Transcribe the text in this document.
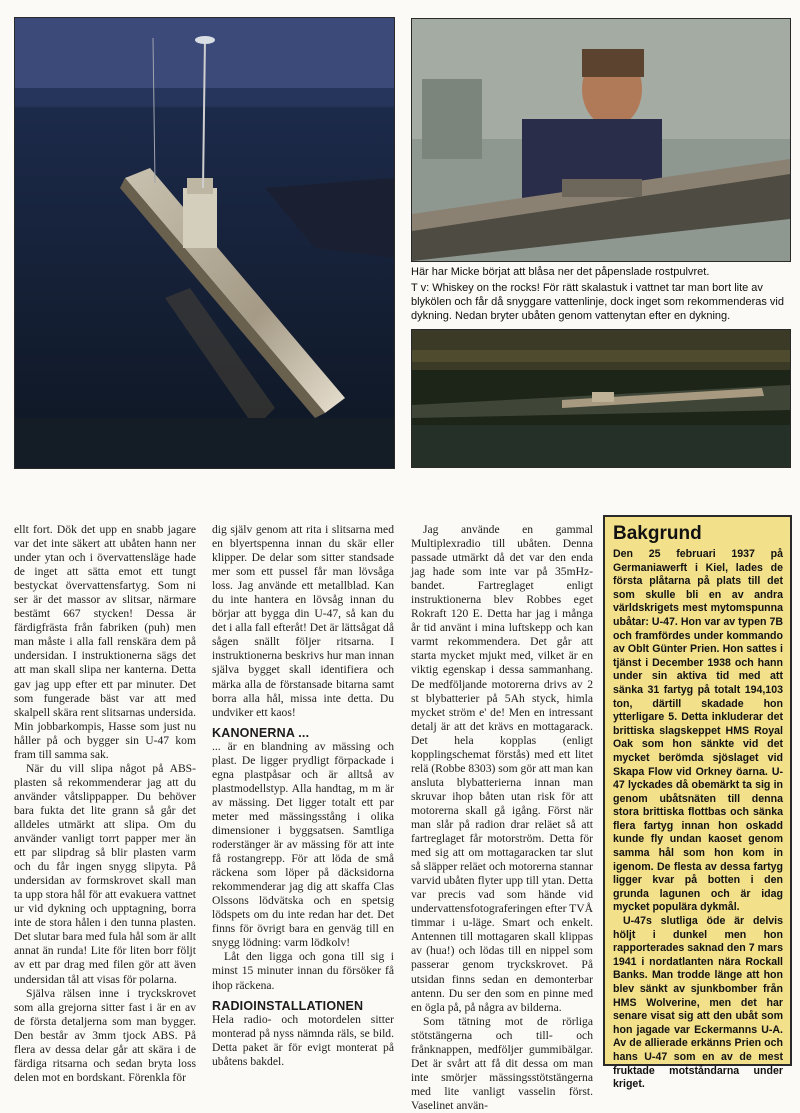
Här har Micke börjat att blåsa ner det påpenslade rostpulvret.
T v: Whiskey on the rocks! För rätt skalastuk i vattnet tar man bort lite av blykölen och får då snyggare vattenlinje, dock inget som rekommenderas vid dykning. Nedan bryter ubåten genom vattenytan efter en dykning.

ellt fort. Dök det upp en snabb jagare var det inte säkert att ubåten hann ner under ytan och i övervattensläge hade de inget att sätta emot ett tungt bestyckat övervattensfartyg. Som ni ser är det massor av slitsar, närmare bestämt 667 stycken! Dessa är färdigfrästa från fabriken (puh) men man måste i alla fall renskära dem på undersidan. I instruktionerna sägs det att man skall slipa ner kanterna. Detta gav jag upp efter ett par minuter. Det som fungerade bäst var att med skalpell skära rent slitsarnas undersida. Min jobbarkompis, Hasse som just nu håller på och bygger sin U-47 kom fram till samma sak.

När du vill slipa något på ABS-plasten så rekommenderar jag att du använder våtslippapper. Du behöver bara fukta det lite grann så går det alldeles utmärkt att slipa. Om du använder vanligt torrt papper mer än ett par slipdrag så blir plasten varm och du får ingen snygg slipyta. På undersidan av formskrovet skall man ta upp stora hål för att evakuera vattnet ur vid dykning och upptagning, borra inte de stora hålen i den tunna plasten. Det slutar bara med fula hål som är allt annat än runda! Lite för liten borr följt av ett par drag med filen gör att även undersidan tål att visas för polarna.

Själva rälsen inne i tryckskrovet som alla grejorna sitter fast i är en av de första detaljerna som man bygger. Den består av 3mm tjock ABS. På flera av dessa delar går att skära i de färdiga ritsarna och sedan bryta loss delen mot en bordskant. Förenkla för

dig själv genom att rita i slitsarna med en blyertspenna innan du skär eller klipper. De delar som sitter standsade mer som ett pussel får man lövsåga loss. Jag använde ett metallblad. Kan du inte hantera en lövsåg innan du börjar att bygga din U-47, så kan du det i alla fall efteråt! Det är lättsågat då sågen snällt följer ritsarna. I instruktionerna beskrivs hur man innan själva bygget skall identifiera och märka alla de förstansade bitarna samt borra alla hål, missa inte detta. Du undviker ett kaos!

KANONERNA ...

... är en blandning av mässing och plast. De ligger prydligt förpackade i egna plastpåsar och är alltså av plastmodellstyp. Alla handtag, m m är av mässing. Det ligger totalt ett par meter med mässingsstång i olika dimensioner i byggsatsen. Samtliga roderstänger är av mässing för att inte få rostangrepp. För att löda de små räckena som löper på däcksidorna rekommenderar jag dig att skaffa Clas Olssons lödvätska och en spetsig lödspets om du inte redan har det. Det finns för övrigt bara en genväg till en snygg lödning: varm lödkolv!

Låt den ligga och gona till sig i minst 15 minuter innan du försöker få ihop räckena.

RADIOINSTALLATIONEN

Hela radio- och motordelen sitter monterad på nyss nämnda räls, se bild. Detta paket är för evigt monterat på ubåtens bakdel.

Jag använde en gammal Multiplexradio till ubåten. Denna passade utmärkt då det var den enda jag hade som inte var på 35mHz-bandet. Fartreglaget enligt instruktionerna blev Robbes eget Rokraft 120 E. Detta har jag i många år tid använt i mina luftskepp och kan varmt rekommendera. Det går att starta mycket mjukt med, vilket är en viktig egenskap i dessa sammanhang. De medföljande motorerna drivs av 2 st blybatterier på 5Ah styck, himla mycket ström e' de! Men en intressant detalj är att det krävs en mottagarack. Det hela kopplas (enligt kopplingschemat förstås) med ett litet relä (Robbe 8303) som gör att man kan ansluta blybatterierna innan man skruvar ihop båten utan risk för att motorerna skall gå igång. Först när man slår på radion drar reläet så att fartreglaget får motorström. Detta för med sig att om mottagaracken tar slut så släpper reläet och motorerna stannar varvid ubåten flyter upp till ytan. Detta var precis vad som hände vid undervattensfotograferingen efter TVÅ timmar i u-läge. Smart och enkelt. Antennen till mottagaren skall klippas av (hua!) och lödas till en nippel som passerar genom tryckskrovet. På utsidan finns sedan en demonterbar antenn. Du ser den som en pinne med en ögla på, på några av bilderna.

Som tätning mot de rörliga stötstängerna och till- och frånknappen, medföljer gummibälgar. Det är svårt att få dit dessa om man inte smörjer mässingsstötstängerna med lite vanligt vasselin först. Vaselinet använ-

Bakgrund

Den 25 februari 1937 på Germaniawerft i Kiel, lades de första plåtarna på plats till det som skulle bli en av andra världskrigets mest mytomspunna ubåtar: U-47. Hon var av typen 7B och framfördes under kommando av Oblt Günter Prien. Hon sattes i tjänst i December 1938 och hann under sin aktiva tid med att sänka 31 fartyg på totalt 194,103 ton, därtill skadade hon ytterligare 5. Detta inkluderar det brittiska slagskeppet HMS Royal Oak som hon sänkte vid det mycket berömda sjöslaget vid Skapa Flow vid Orkney öarna. U-47 lyckades då obemärkt ta sig in genom ubåtsnäten till denna stora brittiska flottbas och sänka flera fartyg innan hon oskadd kunde fly undan kaoset genom samma hål som hon kom in igenom. De flesta av dessa fartyg ligger kvar på botten i den grunda lagunen och är idag mycket populära dykmål.

U-47s slutliga öde är delvis höljt i dunkel men hon rapporterades saknad den 7 mars 1941 i nordatlanten nära Rockall Banks. Man trodde länge att hon blev sänkt av sjunkbomber från HMS Wolverine, men det har senare visat sig att den ubåt som hon jagade var Eckermanns U-A. Av de allierade erkänns Prien och hans U-47 som en av de mest fruktade motståndarna under kriget.
